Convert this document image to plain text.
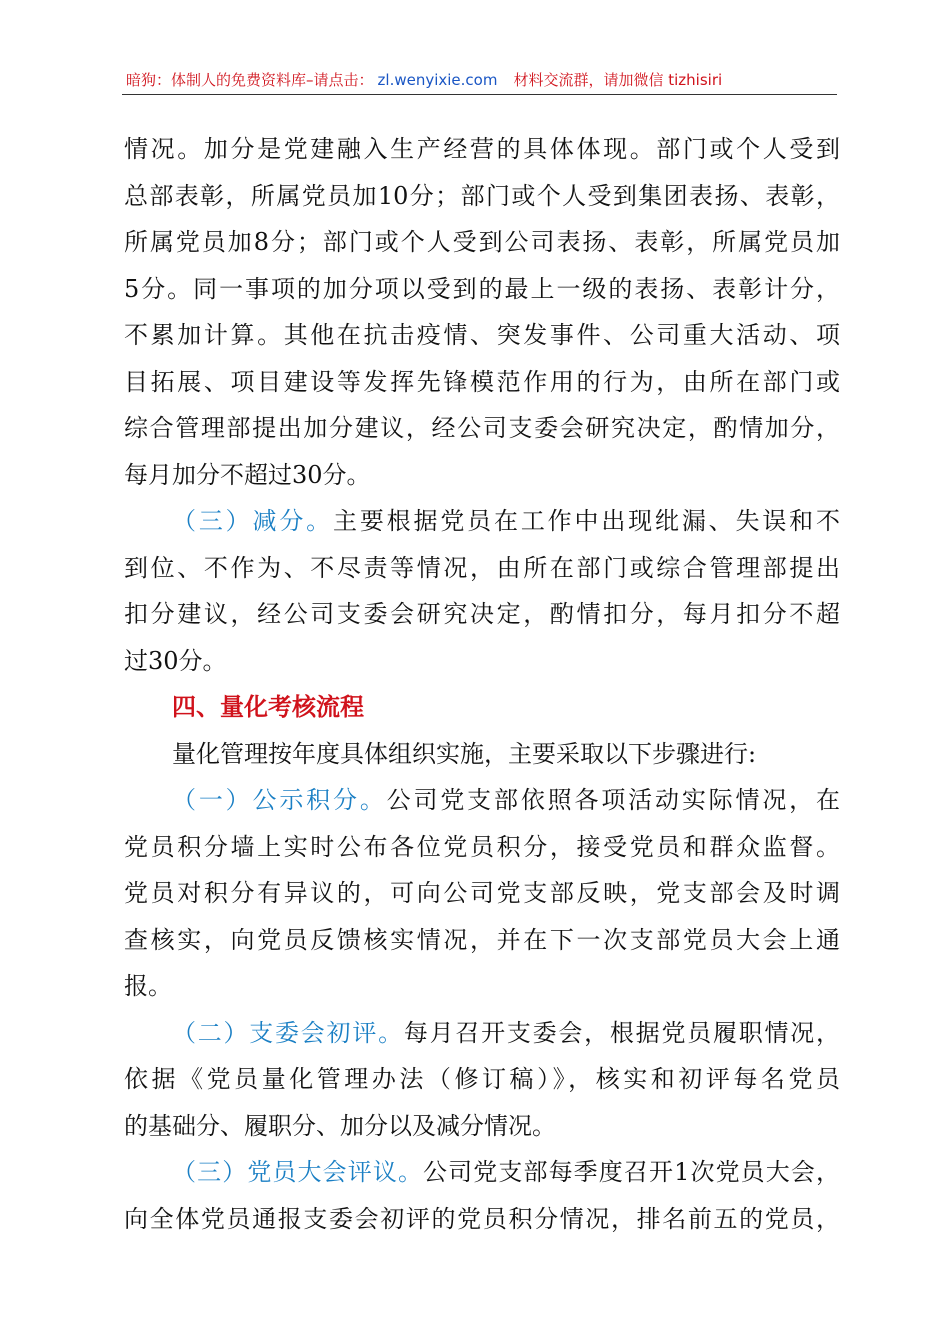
暗狗：体制人的免费资料库–请点击： zl.wenyixie.com 材料交流群，请加微信 tizhisiri
情况。加分是党建融入生产经营的具体体现。部门或个人受到
总部表彰，所属党员加10分；部门或个人受到集团表扬、表彰，
所属党员加8分；部门或个人受到公司表扬、表彰，所属党员加
5分。同一事项的加分项以受到的最上一级的表扬、表彰计分，
不累加计算。其他在抗击疫情、突发事件、公司重大活动、项
目拓展、项目建设等发挥先锋模范作用的行为，由所在部门或
综合管理部提出加分建议，经公司支委会研究决定，酌情加分，
每月加分不超过30分。
（三）减分。主要根据党员在工作中出现纰漏、失误和不
到位、不作为、不尽责等情况，由所在部门或综合管理部提出
扣分建议，经公司支委会研究决定，酌情扣分，每月扣分不超
过30分。
四、量化考核流程
量化管理按年度具体组织实施，主要采取以下步骤进行:
（一）公示积分。公司党支部依照各项活动实际情况，在
党员积分墙上实时公布各位党员积分，接受党员和群众监督。
党员对积分有异议的，可向公司党支部反映，党支部会及时调
查核实，向党员反馈核实情况，并在下一次支部党员大会上通
报。
（二）支委会初评。每月召开支委会，根据党员履职情况，
依据《党员量化管理办法（修订稿）》，核实和初评每名党员
的基础分、履职分、加分以及减分情况。
（三）党员大会评议。公司党支部每季度召开1次党员大会，
向全体党员通报支委会初评的党员积分情况，排名前五的党员，
